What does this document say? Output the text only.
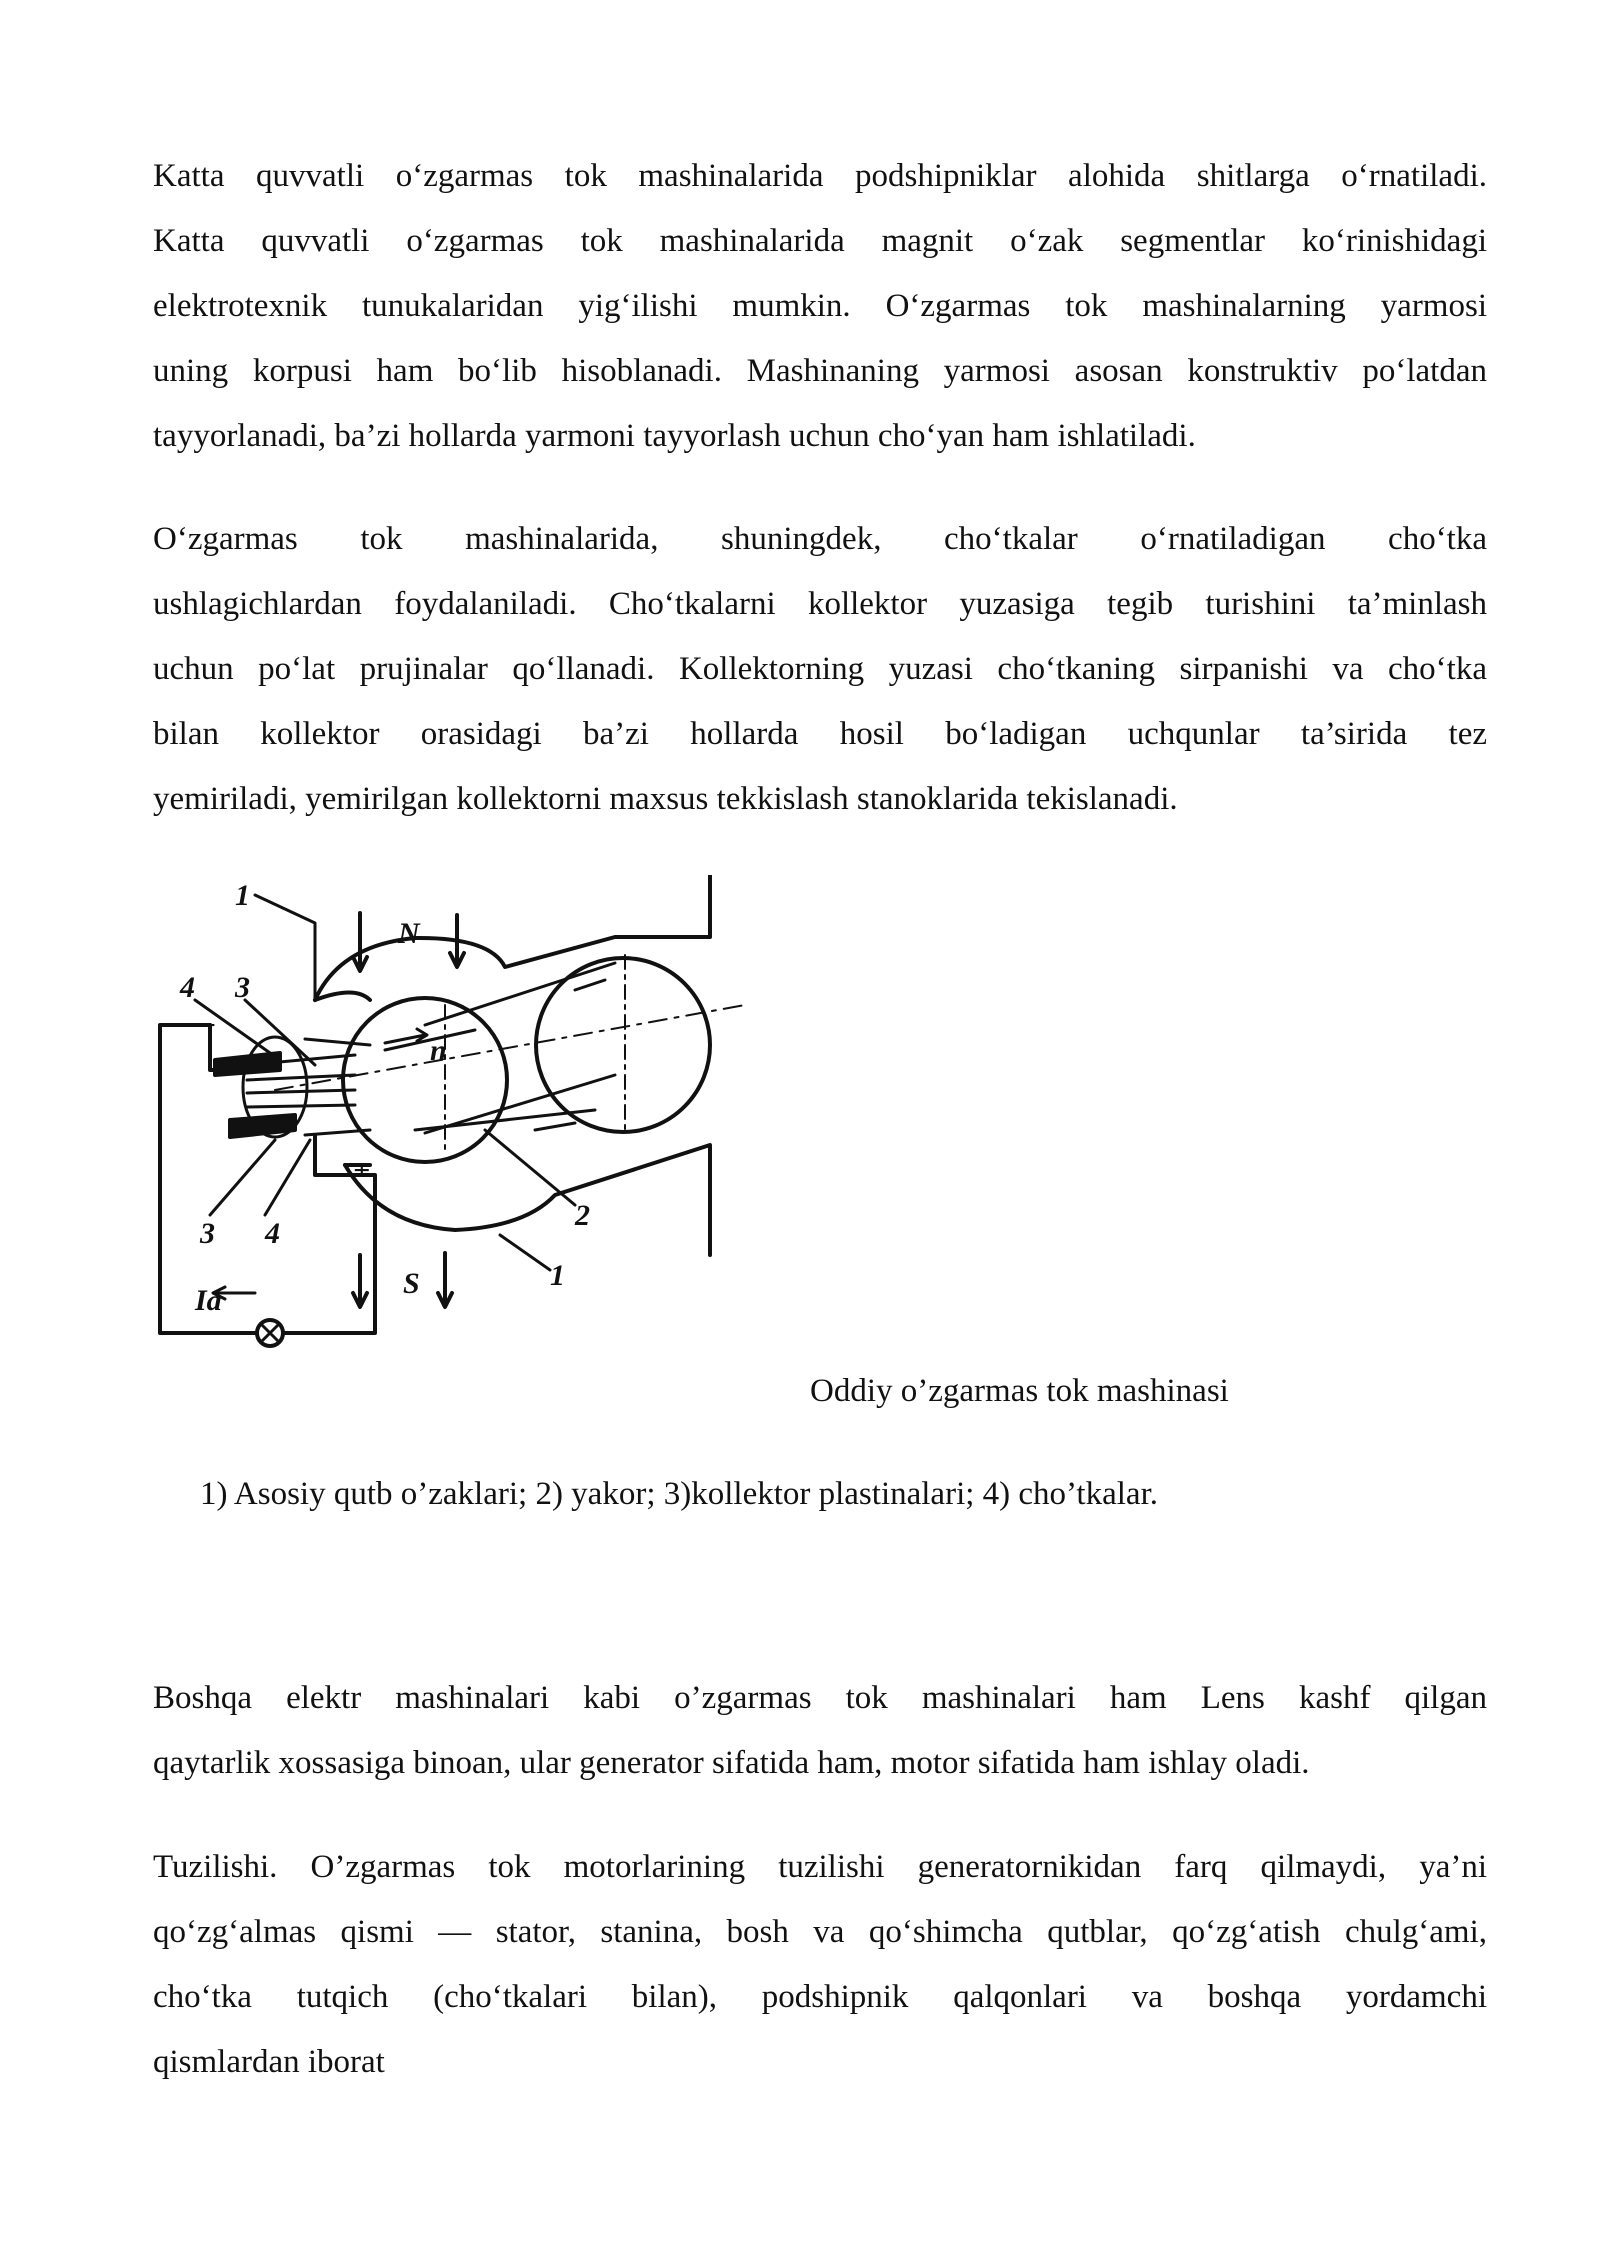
Katta quvvatli o‘zgarmas tok mashinalarida podshipniklar alohida shitlarga o‘rnatiladi.
Katta quvvatli o‘zgarmas tok mashinalarida magnit o‘zak segmentlar ko‘rinishidagi
elektrotexnik tunukalaridan yig‘ilishi mumkin. O‘zgarmas tok mashinalarning yarmosi
uning korpusi ham bo‘lib hisoblanadi. Mashinaning yarmosi asosan konstruktiv po‘latdan
tayyorlanadi, ba’zi hollarda yarmoni tayyorlash uchun cho‘yan ham ishlatiladi.
O‘zgarmas tok mashinalarida, shuningdek, cho‘tkalar o‘rnatiladigan cho‘tka
ushlagichlardan foydalaniladi. Cho‘tkalarni kollektor yuzasiga tegib turishini ta’minlash
uchun po‘lat prujinalar qo‘llanadi. Kollektorning yuzasi cho‘tkaning sirpanishi va cho‘tka
bilan kollektor orasidagi ba’zi hollarda hosil bo‘ladigan uchqunlar ta’sirida tez
yemiriladi, yemirilgan kollektorni maxsus tekkislash stanoklarida tekislanadi.
1
1
2
3
3
4
4
N
S
n
Ia
−
+
Oddiy o’zgarmas tok mashinasi
1) Asosiy qutb o’zaklari; 2) yakor; 3)kollektor plastinalari; 4) cho’tkalar.
Boshqa elektr mashinalari kabi o’zgarmas tok mashinalari ham Lens kashf qilgan
qaytarlik xossasiga binoan, ular generator sifatida ham, motor sifatida ham ishlay oladi.
Tuzilishi. O’zgarmas tok motorlarining tuzilishi generatornikidan farq qilmaydi, ya’ni
qo‘zg‘almas qismi — stator, stanina, bosh va qo‘shimcha qutblar, qo‘zg‘atish chulg‘ami,
cho‘tka tutqich (cho‘tkalari bilan), podshipnik qalqonlari va boshqa yordamchi
qismlardan iborat
